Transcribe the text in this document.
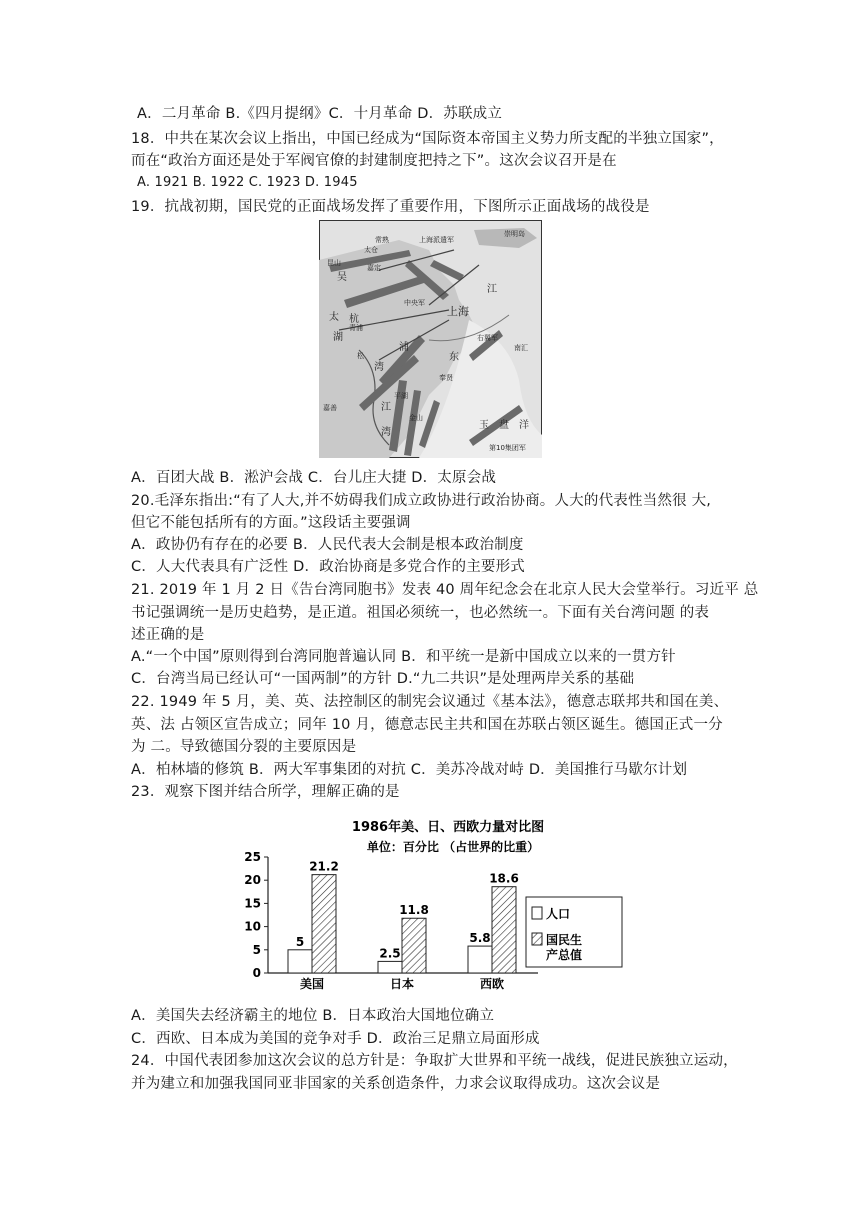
A．二月革命 B.《四月提纲》C．十月革命 D．苏联成立
18．中共在某次会议上指出，中国已经成为“国际资本帝国主义势力所支配的半独立国家”，
而在“政治方面还是处于军阀官僚的封建制度把持之下”。这次会议召开是在
A. 1921 B. 1922 C. 1923 D. 1945
19．抗战初期，国民党的正面战场发挥了重要作用，下图所示正面战场的战役是
上海派遣军
崇明岛
上海
右翼军
南汇
中央军
第10集团军
江
吴
杭
湾
太
湖
玉 盘 洋
常熟
太仓
昆山
嘉定
青浦
松
嘉善
平湖
金山
奉贤
东
江
浦
湾
A．百团大战 B．淞沪会战 C．台儿庄大捷 D．太原会战
20.毛泽东指出:“有了人大,并不妨碍我们成立政协进行政治协商。人大的代表性当然很 大,
但它不能包括所有的方面。”这段话主要强调
A．政协仍有存在的必要 B．人民代表大会制是根本政治制度
C．人大代表具有广泛性 D．政治协商是多党合作的主要形式
21. 2019 年 1 月 2 日《告台湾同胞书》发表 40 周年纪念会在北京人民大会堂举行。习近平 总
书记强调统一是历史趋势，是正道。祖国必须统一，也必然统一。下面有关台湾问题 的表
述正确的是
A.“一个中国”原则得到台湾同胞普遍认同 B．和平统一是新中国成立以来的一贯方针
C．台湾当局已经认可“一国两制”的方针 D.“九二共识”是处理两岸关系的基础
22. 1949 年 5 月，美、英、法控制区的制宪会议通过《基本法》，德意志联邦共和国在美、
英、法 占领区宣告成立；同年 10 月，德意志民主共和国在苏联占领区诞生。德国正式一分
为 二。导致德国分裂的主要原因是
A．柏林墙的修筑 B．两大军事集团的对抗 C．美苏冷战对峙 D．美国推行马歇尔计划
23．观察下图并结合所学，理解正确的是
1986年美、日、西欧力量对比图
单位：百分比 （占世界的比重）
0
5
10
15
20
25
5
21.2
美国
2.5
11.8
日本
5.8
18.6
西欧
人口
国民生
产总值
A．美国失去经济霸主的地位 B．日本政治大国地位确立
C．西欧、日本成为美国的竞争对手 D．政治三足鼎立局面形成
24．中国代表团参加这次会议的总方针是：争取扩大世界和平统一战线，促进民族独立运动，
并为建立和加强我国同亚非国家的关系创造条件，力求会议取得成功。这次会议是
